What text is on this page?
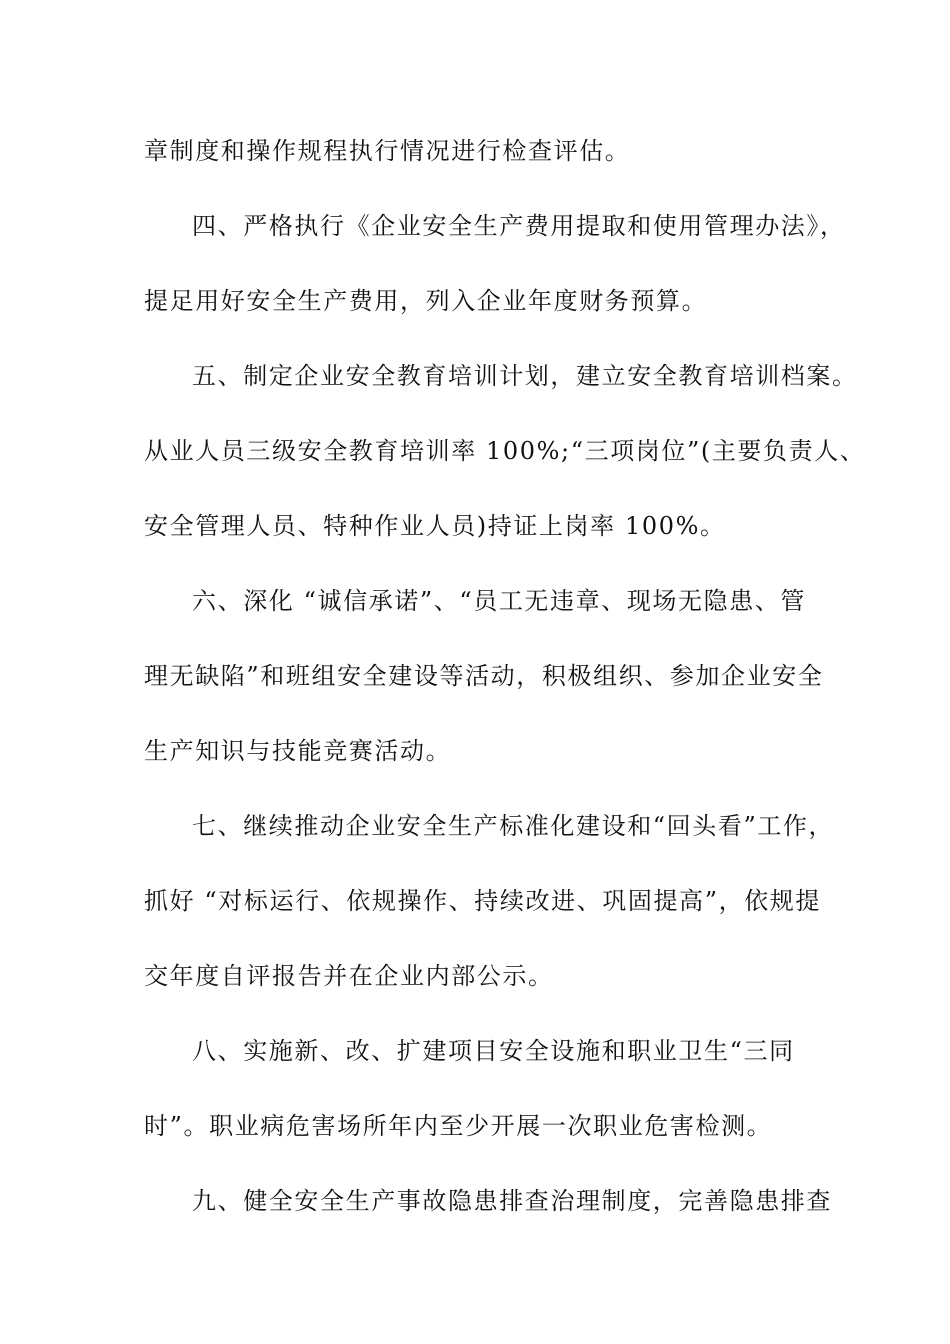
章制度和操作规程执行情况进行检查评估。
四、严格执行《企业安全生产费用提取和使用管理办法》，
提足用好安全生产费用，列入企业年度财务预算。
五、制定企业安全教育培训计划，建立安全教育培训档案。
从业人员三级安全教育培训率 100%;“三项岗位”(主要负责人、
安全管理人员、特种作业人员)持证上岗率 100%。
六、深化 “诚信承诺”、“员工无违章、现场无隐患、管
理无缺陷”和班组安全建设等活动，积极组织、参加企业安全
生产知识与技能竞赛活动。
七、继续推动企业安全生产标准化建设和“回头看”工作，
抓好 “对标运行、依规操作、持续改进、巩固提高”，依规提
交年度自评报告并在企业内部公示。
八、实施新、改、扩建项目安全设施和职业卫生“三同
时”。职业病危害场所年内至少开展一次职业危害检测。
九、健全安全生产事故隐患排查治理制度，完善隐患排查
